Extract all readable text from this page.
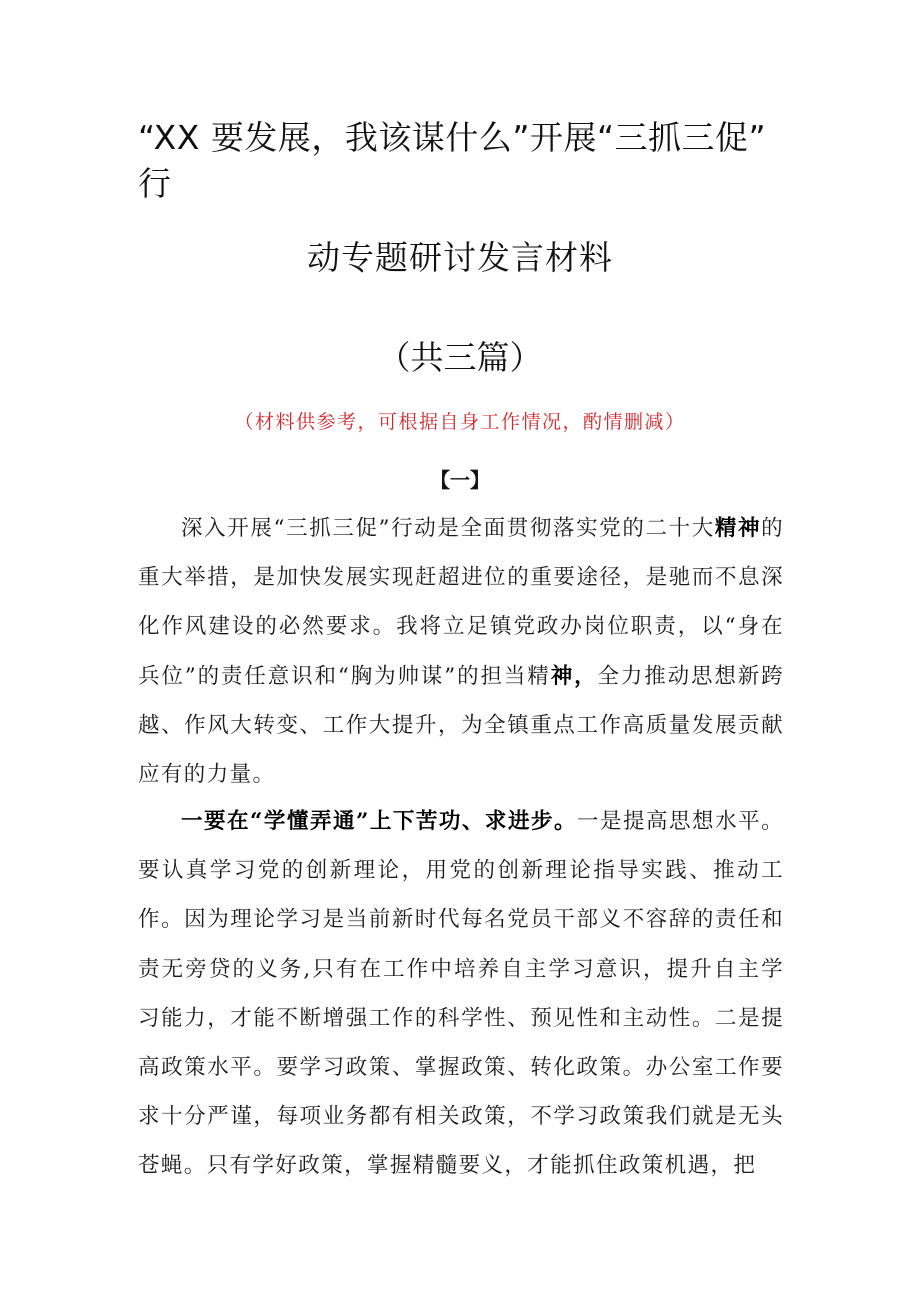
“XX 要发展，我该谋什么”开展“三抓三促”
行
动专题研讨发言材料
（共三篇）
（材料供参考，可根据自身工作情况，酌情删减）
【一】
深入开展“三抓三促”行动是全面贯彻落实党的二十大精神的重大举措，是加快发展实现赶超进位的重要途径，是驰而不息深化作风建设的必然要求。我将立足镇党政办岗位职责，以“身在兵位”的责任意识和“胸为帅谋”的担当精神，全力推动思想新跨越、作风大转变、工作大提升，为全镇重点工作高质量发展贡献应有的力量。
一要在“学懂弄通”上下苦功、求进步。一是提高思想水平。要认真学习党的创新理论，用党的创新理论指导实践、推动工作。因为理论学习是当前新时代每名党员干部义不容辞的责任和责无旁贷的义务,只有在工作中培养自主学习意识，提升自主学习能力，才能不断增强工作的科学性、预见性和主动性。二是提高政策水平。要学习政策、掌握政策、转化政策。办公室工作要求十分严谨，每项业务都有相关政策，不学习政策我们就是无头苍蝇。只有学好政策，掌握精髓要义，才能抓住政策机遇，把
